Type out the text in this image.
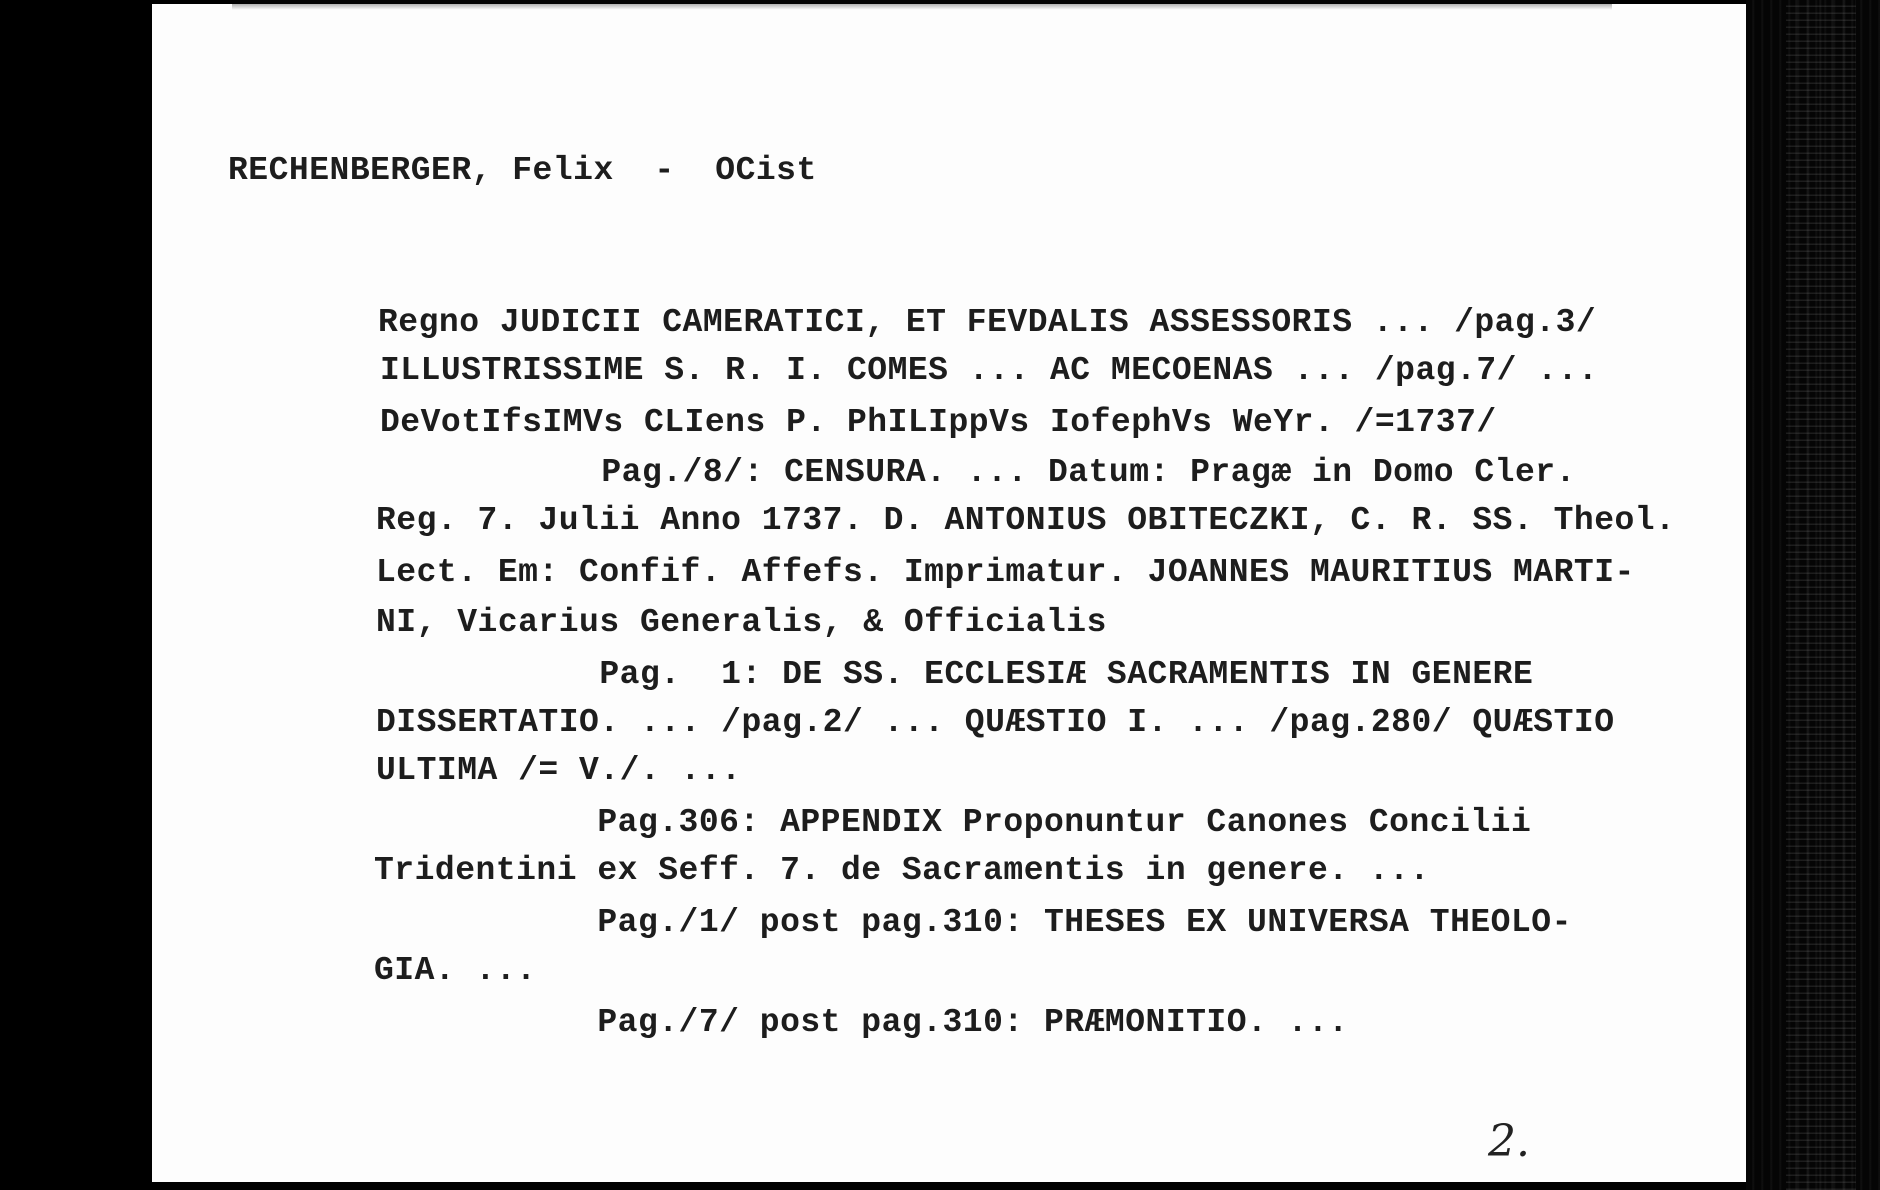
RECHENBERGER, Felix  -  OCist
Regno JUDICII CAMERATICI, ET FEVDALIS ASSESSORIS ... /pag.3/
ILLUSTRISSIME S. R. I. COMES ... AC MECOENAS ... /pag.7/ ...
DeVotIfsIMVs CLIens P. PhILIppVs IofephVs WeYr. /=1737/
Pag./8/: CENSURA. ... Datum: Pragæ in Domo Cler.
Reg. 7. Julii Anno 1737. D. ANTONIUS OBITECZKI, C. R. SS. Theol.
Lect. Em: Confif. Affefs. Imprimatur. JOANNES MAURITIUS MARTI-
NI, Vicarius Generalis, & Officialis
Pag.  1: DE SS. ECCLESIÆ SACRAMENTIS IN GENERE
DISSERTATIO. ... /pag.2/ ... QUÆSTIO I. ... /pag.280/ QUÆSTIO
ULTIMA /= V./. ...
Pag.306: APPENDIX Proponuntur Canones Concilii
Tridentini ex Seff. 7. de Sacramentis in genere. ...
Pag./1/ post pag.310: THESES EX UNIVERSA THEOLO-
GIA. ...
Pag./7/ post pag.310: PRÆMONITIO. ...
2.
